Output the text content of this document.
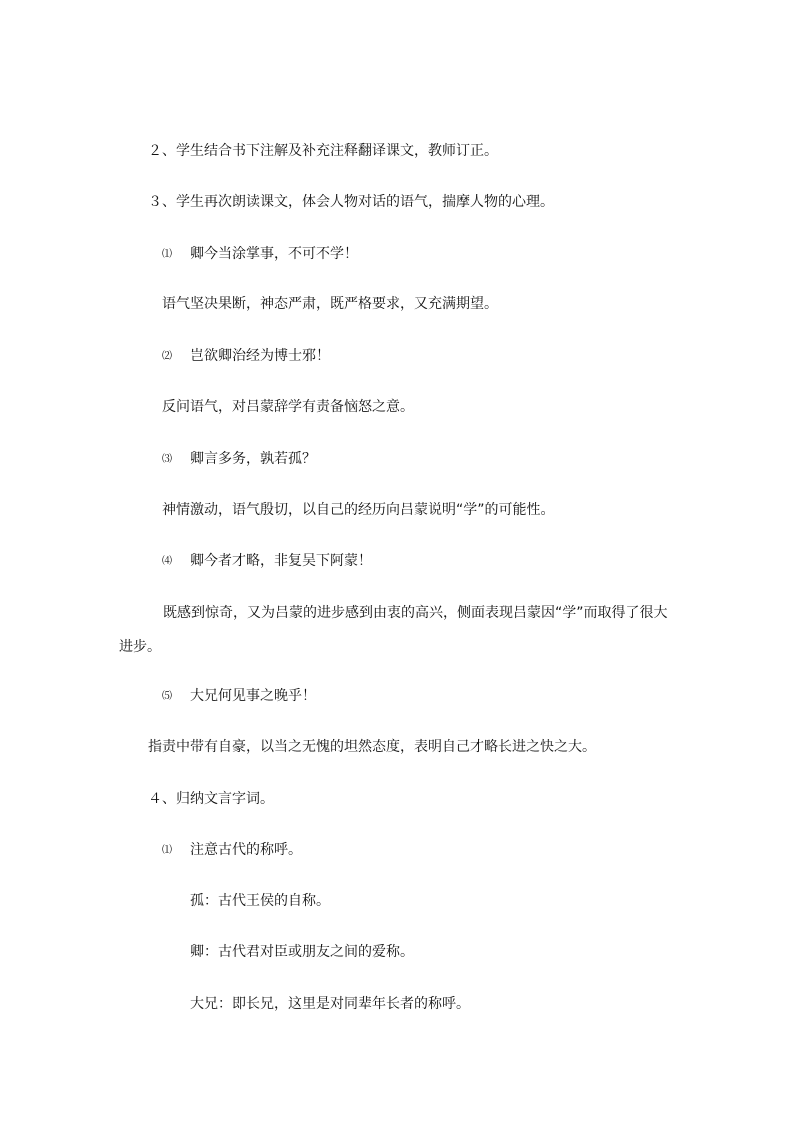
２、学生结合书下注解及补充注释翻译课文，教师订正。
３、学生再次朗读课文，体会人物对话的语气，揣摩人物的心理。
⑴ 卿今当涂掌事，不可不学！
语气坚决果断，神态严肃，既严格要求，又充满期望。
⑵ 岂欲卿治经为博士邪！
反问语气，对吕蒙辞学有责备恼怒之意。
⑶ 卿言多务，孰若孤？
神情激动，语气殷切，以自己的经历向吕蒙说明“学”的可能性。
⑷ 卿今者才略，非复吴下阿蒙！
既感到惊奇，又为吕蒙的进步感到由衷的高兴，侧面表现吕蒙因“学”而取得了很大进步。
⑸ 大兄何见事之晚乎！
指责中带有自豪，以当之无愧的坦然态度，表明自己才略长进之快之大。
４、归纳文言字词。
⑴ 注意古代的称呼。
孤：古代王侯的自称。
卿：古代君对臣或朋友之间的爱称。
大兄：即长兄，这里是对同辈年长者的称呼。
